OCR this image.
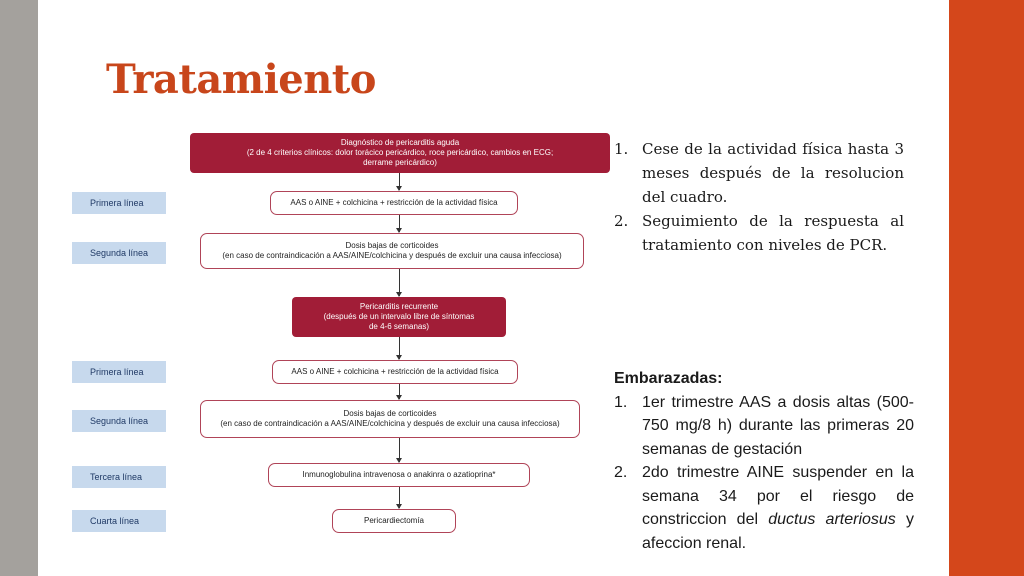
Tratamiento
Diagnóstico de pericarditis aguda
(2 de 4 criterios clínicos: dolor torácico pericárdico, roce pericárdico, cambios en ECG;
derrame pericárdico)
Primera línea	AAS o AINE + colchicina + restricción de la actividad física
Segunda línea
Dosis bajas de corticoides
(en caso de contraindicación a AAS/AINE/colchicina y después de excluir una causa infecciosa)
Pericarditis recurrente
(después de un intervalo libre de síntomas
de 4-6 semanas)
Primera línea	AAS o AINE + colchicina + restricción de la actividad física
Segunda línea
Dosis bajas de corticoides
(en caso de contraindicación a AAS/AINE/colchicina y después de excluir una causa infecciosa)
Tercera línea	Inmunoglobulina intravenosa o anakinra o azatioprina*
Cuarta línea	Pericardiectomía
1. Cese de la actividad física hasta 3 meses después de la resolucion del cuadro.
2. Seguimiento de la respuesta al tratamiento con niveles de PCR.
Embarazadas:
1. 1er trimestre AAS a dosis altas (500-750 mg/8 h) durante las primeras 20 semanas de gestación
2. 2do trimestre AINE suspender en la semana 34 por el riesgo de constriccion del ductus arteriosus y afeccion renal.
